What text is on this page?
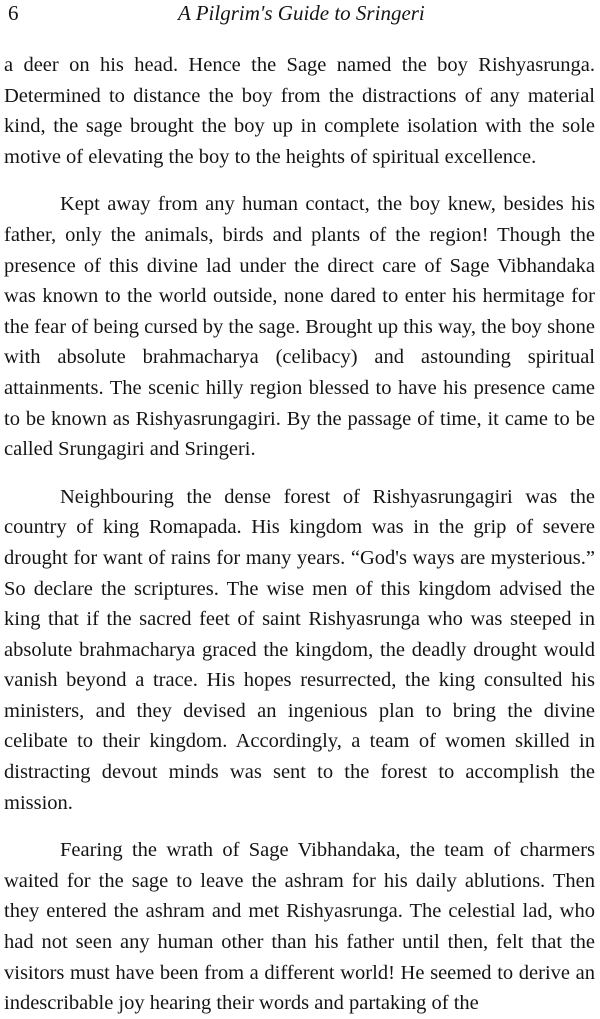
6	A Pilgrim's Guide to Sringeri

a deer on his head. Hence the Sage named the boy Rishyasrunga. Determined to distance the boy from the distractions of any material kind, the sage brought the boy up in complete isolation with the sole motive of elevating the boy to the heights of spiritual excellence.

Kept away from any human contact, the boy knew, besides his father, only the animals, birds and plants of the region! Though the presence of this divine lad under the direct care of Sage Vibhandaka was known to the world outside, none dared to enter his hermitage for the fear of being cursed by the sage. Brought up this way, the boy shone with absolute brahmacharya (celibacy) and astounding spiritual attainments. The scenic hilly region blessed to have his presence came to be known as Rishyasrungagiri. By the passage of time, it came to be called Srungagiri and Sringeri.

Neighbouring the dense forest of Rishyasrungagiri was the country of king Romapada. His kingdom was in the grip of severe drought for want of rains for many years. “God's ways are mysterious.” So declare the scriptures. The wise men of this kingdom advised the king that if the sacred feet of saint Rishyasrunga who was steeped in absolute brahmacharya graced the kingdom, the deadly drought would vanish beyond a trace. His hopes resurrected, the king consulted his ministers, and they devised an ingenious plan to bring the divine celibate to their kingdom. Accordingly, a team of women skilled in distracting devout minds was sent to the forest to accomplish the mission.

Fearing the wrath of Sage Vibhandaka, the team of charmers waited for the sage to leave the ashram for his daily ablutions. Then they entered the ashram and met Rishyasrunga. The celestial lad, who had not seen any human other than his father until then, felt that the visitors must have been from a different world! He seemed to derive an indescribable joy hearing their words and partaking of the
